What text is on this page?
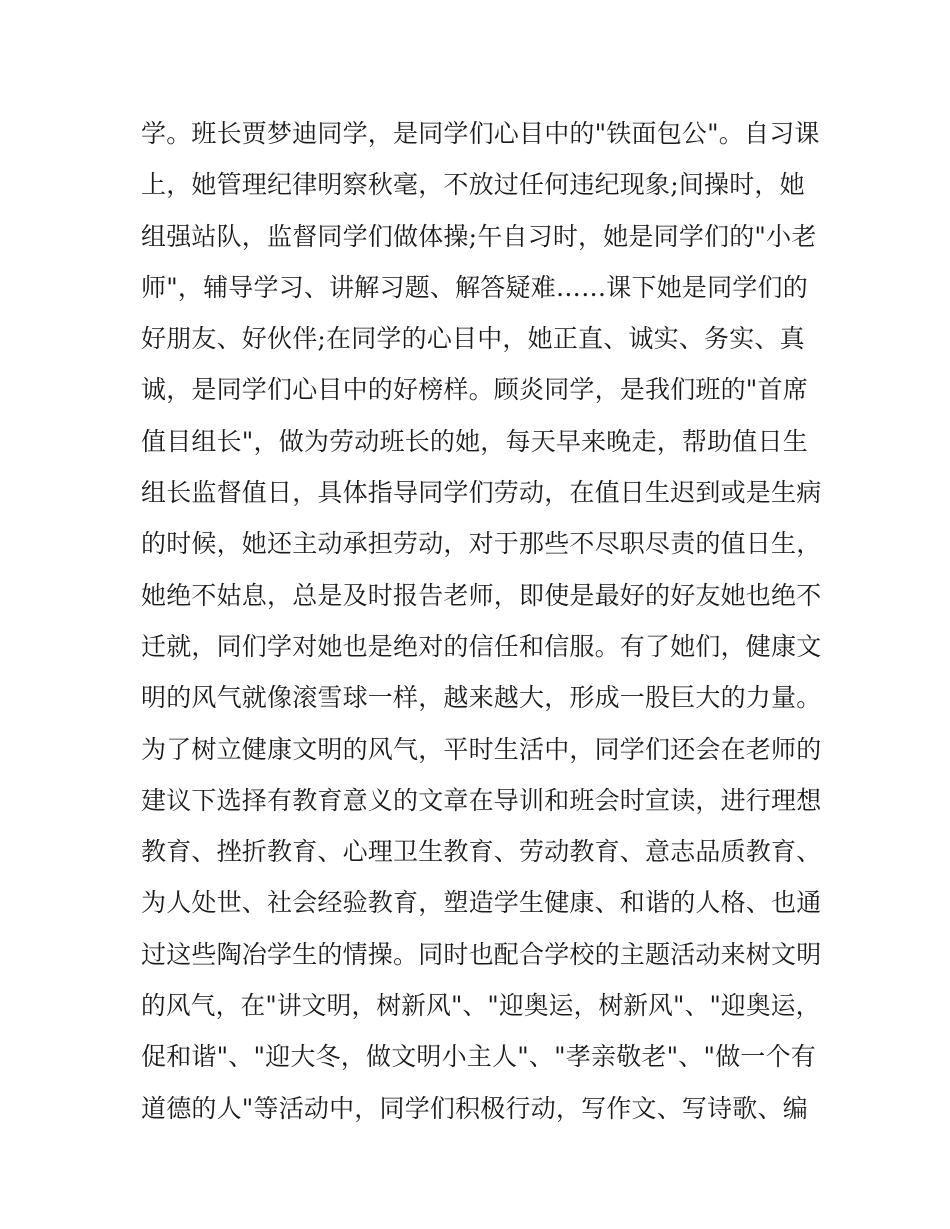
学。班长贾梦迪同学，是同学们心目中的"铁面包公"。自习课
上，她管理纪律明察秋毫，不放过任何违纪现象;间操时，她
组强站队，监督同学们做体操;午自习时，她是同学们的"小老
师"，辅导学习、讲解习题、解答疑难……课下她是同学们的
好朋友、好伙伴;在同学的心目中，她正直、诚实、务实、真
诚，是同学们心目中的好榜样。顾炎同学，是我们班的"首席
值目组长"，做为劳动班长的她，每天早来晚走，帮助值日生
组长监督值日，具体指导同学们劳动，在值日生迟到或是生病
的时候，她还主动承担劳动，对于那些不尽职尽责的值日生，
她绝不姑息，总是及时报告老师，即使是最好的好友她也绝不
迁就，同们学对她也是绝对的信任和信服。有了她们，健康文
明的风气就像滚雪球一样，越来越大，形成一股巨大的力量。
为了树立健康文明的风气，平时生活中，同学们还会在老师的
建议下选择有教育意义的文章在导训和班会时宣读，进行理想
教育、挫折教育、心理卫生教育、劳动教育、意志品质教育、
为人处世、社会经验教育，塑造学生健康、和谐的人格、也通
过这些陶冶学生的情操。同时也配合学校的主题活动来树文明
的风气，在"讲文明，树新风"、"迎奥运，树新风"、"迎奥运，
促和谐"、"迎大冬，做文明小主人"、"孝亲敬老"、"做一个有
道德的人"等活动中，同学们积极行动，写作文、写诗歌、编
